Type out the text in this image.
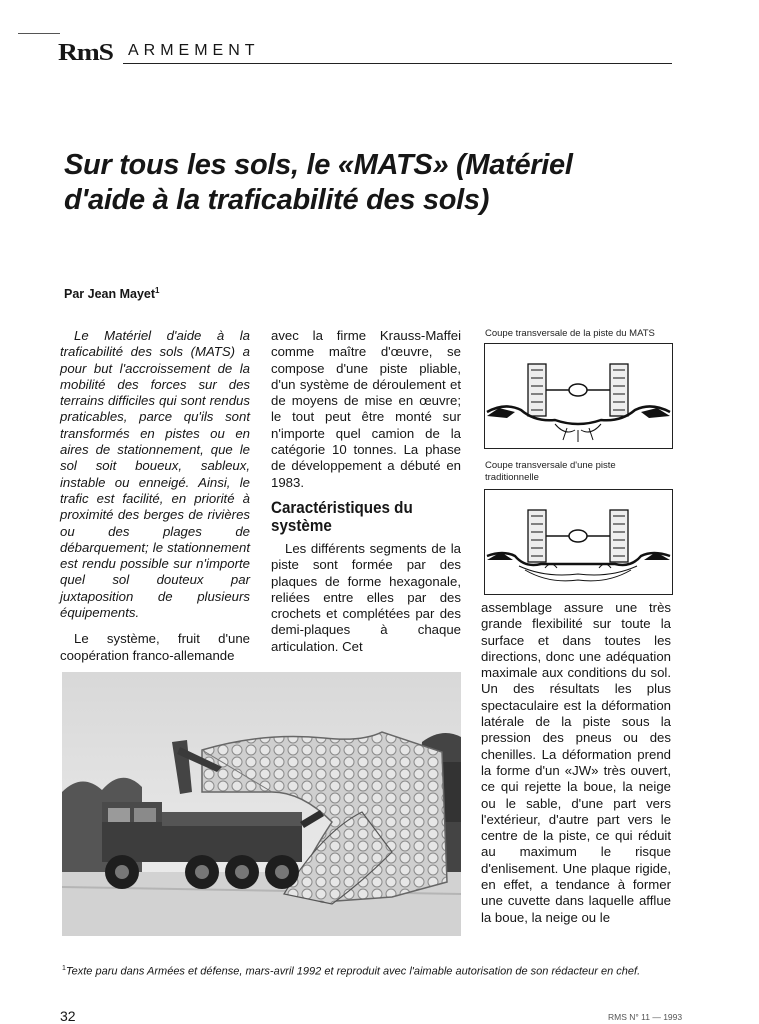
RmS ARMEMENT
Sur tous les sols, le «MATS» (Matériel d'aide à la traficabilité des sols)

Par Jean Mayet$^1$

Le Matériel d'aide à la traficabilité des sols (MATS) a pour but l'accroissement de la mobilité des forces sur des terrains difficiles qui sont rendus praticables, parce qu'ils sont transformés en pistes ou en aires de stationnement, que le sol soit boueux, sableux, instable ou enneigé. Ainsi, le trafic est facilité, en priorité à proximité des berges de rivières ou des plages de débarquement; le stationnement est rendu possible sur n'importe quel sol douteux par juxtaposition de plusieurs équipements.

Le système, fruit d'une coopération franco-allemande

avec la firme Krauss-Maffei comme maître d'œuvre, se compose d'une piste pliable, d'un système de déroulement et de moyens de mise en œuvre; le tout peut être monté sur n'importe quel camion de la catégorie 10 tonnes. La phase de développement a débuté en 1983.

Caractéristiques du système

Les différents segments de la piste sont formée par des plaques de forme hexagonale, reliées entre elles par des crochets et complétées par des demi-plaques à chaque articulation. Cet

Coupe transversale de la piste du MATS
Coupe transversale d'une piste traditionnelle

assemblage assure une très grande flexibilité sur toute la surface et dans toutes les directions, donc une adéquation maximale aux conditions du sol. Un des résultats les plus spectaculaire est la déformation latérale de la piste sous la pression des pneus ou des chenilles. La déformation prend la forme d'un «JW» très ouvert, ce qui rejette la boue, la neige ou le sable, d'une part vers l'extérieur, d'autre part vers le centre de la piste, ce qui réduit au maximum le risque d'enlisement. Une plaque rigide, en effet, a tendance à former une cuvette dans laquelle afflue la boue, la neige ou le

$^1$Texte paru dans Armées et défense, mars-avril 1992 et reproduit avec l'aimable autorisation de son rédacteur en chef.

32	RMS N° 11 — 1993
